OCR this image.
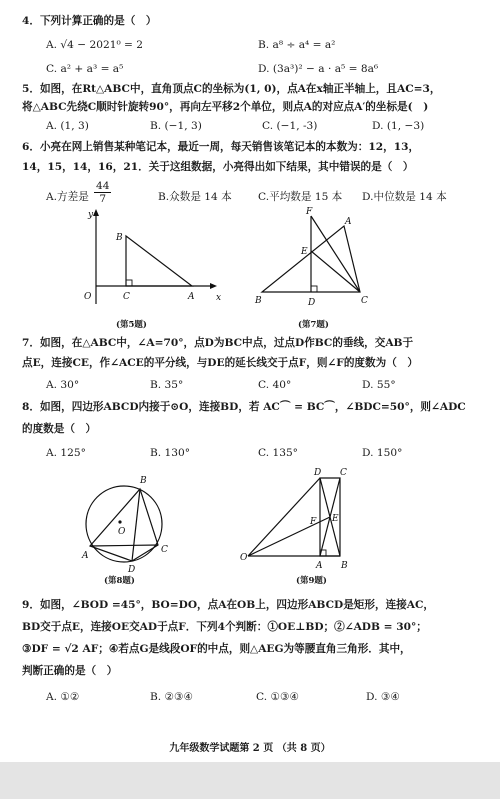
4．下列计算正确的是（　）
A. √4 − 2021⁰ = 2	B. a⁸ ÷ a⁴ = a²
C. a² + a³ = a⁵	D. (3a³)² − a · a⁵ = 8a⁶
5．如图，在Rt△ABC中，直角顶点C的坐标为(1, 0)，点A在x轴正半轴上，且AC=3，
将△ABC先绕C顺时针旋转90°，再向左平移2个单位，则点A的对应点A′的坐标是(　)
A. (1, 3)	B. (−1, 3)	C. (−1, -3)	D. (1, −3)
6．小亮在网上销售某种笔记本，最近一周，每天销售该笔记本的本数为：12，13，
14，15，14，16，21．关于这组数据，小亮得出如下结果，其中错误的是（　）
A.方差是 $\frac{44}{7}$	B.众数是 14 本 C.平均数是 15 本 D.中位数是 14 本
y
x
O
B
C	A
(第5题)
F
A
E
B	D	C
(第7题)
7．如图，在△ABC中，∠A=70°，点D为BC中点，过点D作BC的垂线，交AB于
点E，连接CE，作∠ACE的平分线，与DE的延长线交于点F，则∠F的度数为（　）
A. 30°	B. 35°	C. 40°	D. 55°
8．如图，四边形ABCD内接于⊙O，连接BD，若 AC⌒ = BC⌒，∠BDC=50°，则∠ADC
的度数是（　）
A. 125°	B. 130°	C. 135°	D. 150°
B
O
A
C
D
(第8题)
D C
F E
O
A B
(第9题)
9．如图，∠BOD =45°，BO=DO，点A在OB上，四边形ABCD是矩形，连接AC，
BD交于点E，连接OE交AD于点F．下列4个判断：①OE⊥BD；②∠ADB = 30°；
③DF = √2 AF；④若点G是线段OF的中点，则△AEG为等腰直角三角形．其中，
判断正确的是（　）
A. ①②	B. ②③④	C. ①③④	D. ③④
九年级数学试题第 2 页 （共 8 页）
